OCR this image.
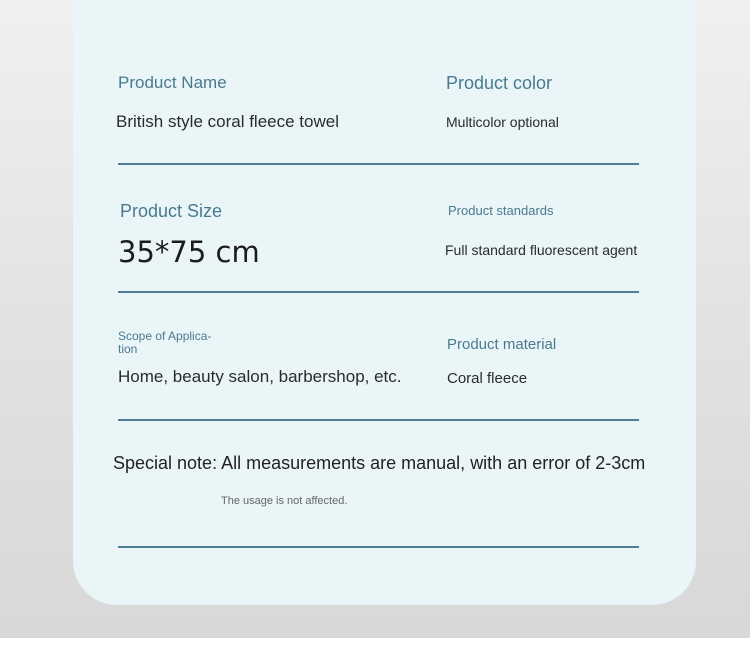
Product Name

British style coral fleece towel

Product color

Multicolor optional

Product Size

35*75 cm

Product standards

Full standard fluorescent agent

Scope of Applica-

tion

Home, beauty salon, barbershop, etc.

Product material

Coral fleece

Special note: All measurements are manual, with an error of 2-3cm

The usage is not affected.
